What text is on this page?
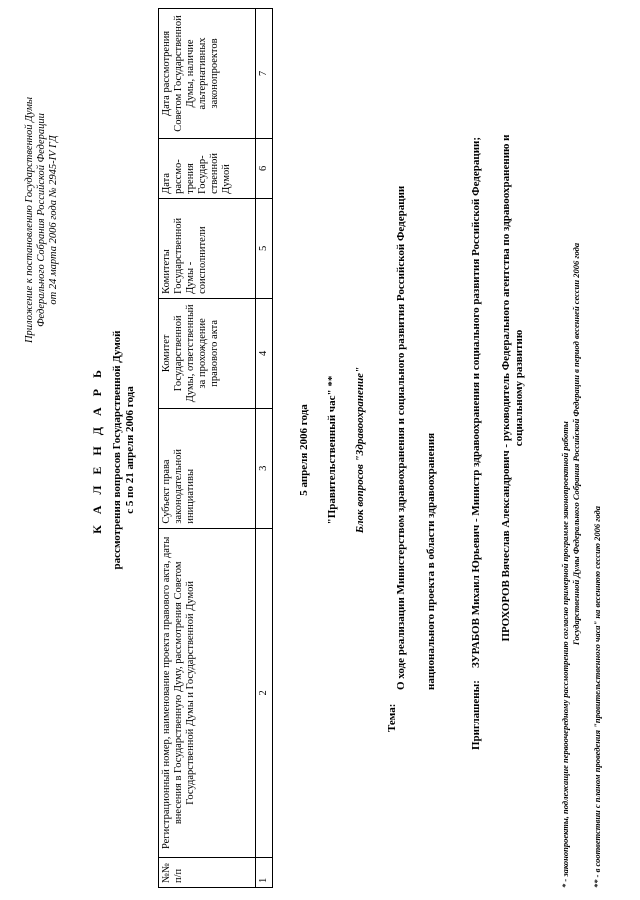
Приложение к постановлению Государственной Думы Федерального Собрания Российской Федерации от 24 марта 2006 года № 2945-IV ГД
К А Л Е Н Д А Р Ь рассмотрения вопросов Государственной Думой с 5 по 21 апреля 2006 года
№№ п/п	Регистрационный номер, наименование проекта правового акта, даты внесения в Государственную Думу, рассмотрения Советом Государственной Думы и Государственной Думой	Субъект права законодательной инициативы	Комитет Государственной Думы, ответственный за прохождение правового акта	Комитеты Государственной Думы - соисполнители	Дата рассмо-трения Государ-ственной Думой	Дата рассмотрения Советом Государственной Думы, наличие альтернативных законопроектов
1	2	3	4	5	6	7
5 апреля 2006 года "Правительственный час" ** Блок вопросов "Здравоохранение"
Тема:
О ходе реализации Министерством здравоохранения и социального развития Российской Федерации национального проекта в области здравоохранения
Приглашены:
ЗУРАБОВ Михаил Юрьевич - Министр здравоохранения и социального развития Российской Федерации; ПРОХОРОВ Вячеслав Александрович - руководитель Федерального агентства по здравоохранению и социальному развитию
* - законопроекты, подлежащие первоочередному рассмотрению согласно примерной программе законопроектной работы Государственной Думы Федерального Собрания Российской Федерации в период весенней сессии 2006 года
** - в соответствии с планом проведения "правительственного часа" на весеннюю сессию 2006 года
